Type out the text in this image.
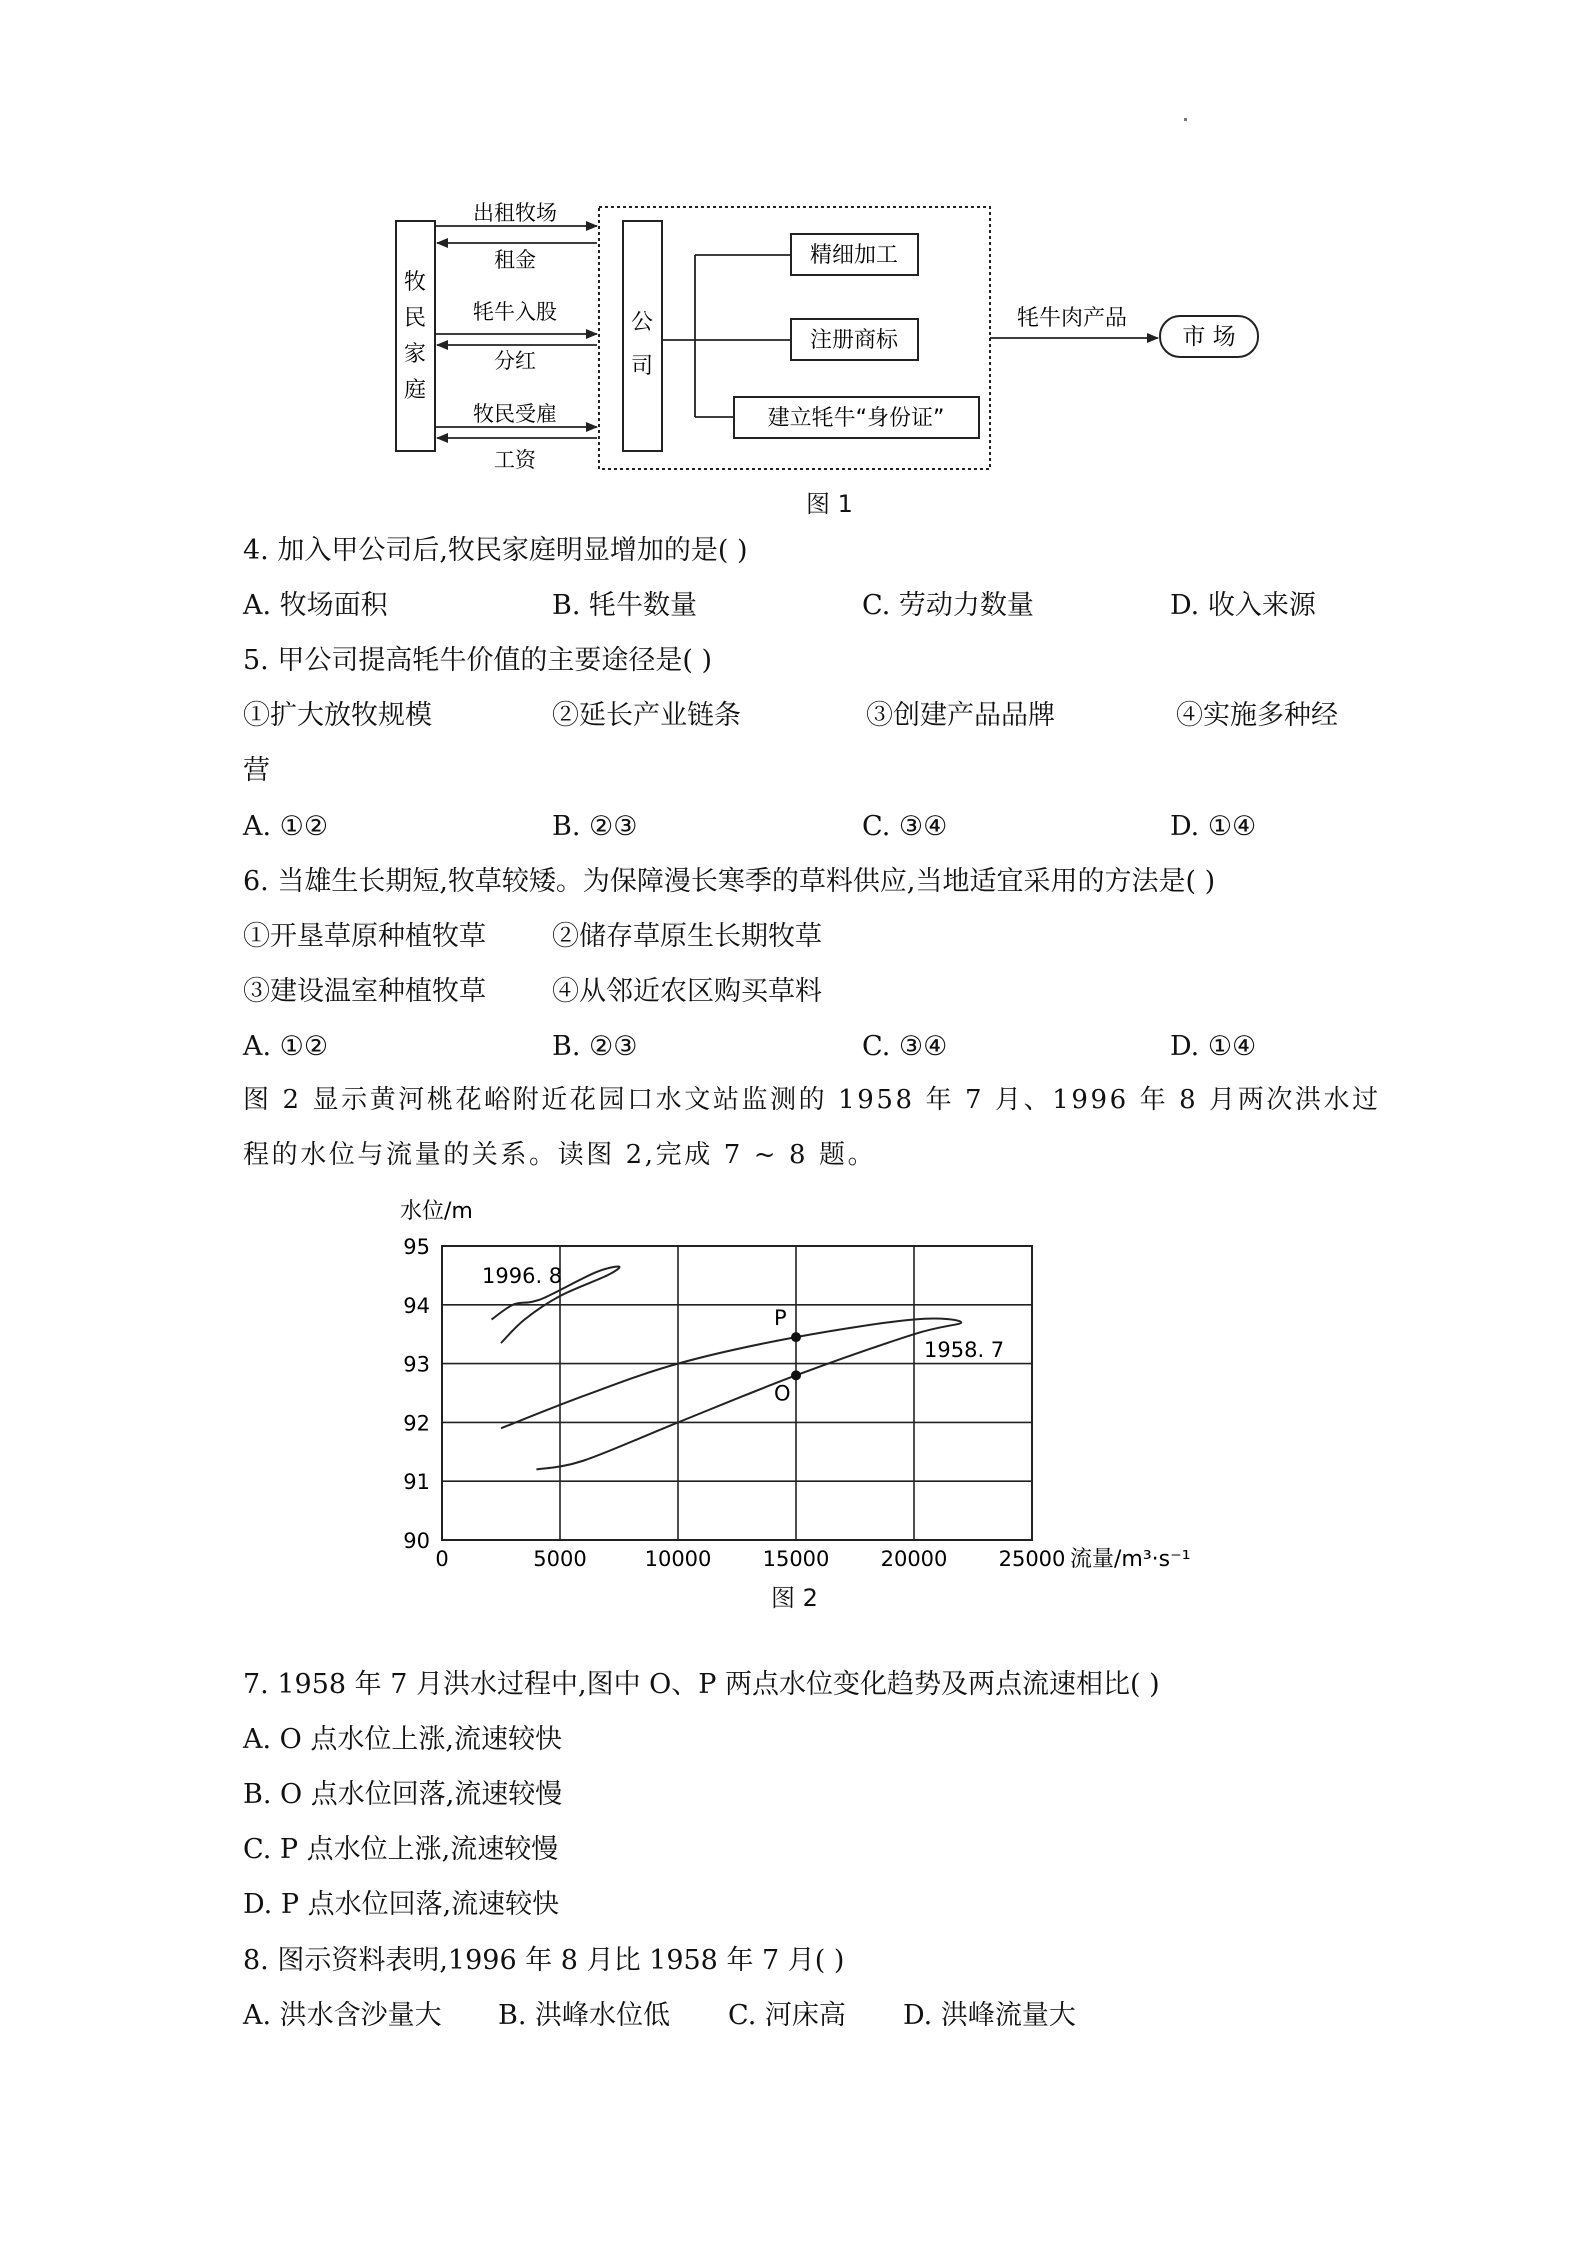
牧
民
家
庭
公
司
出租牧场
租金
牦牛入股
分红
牧民受雇
工资
精细加工
注册商标
建立牦牛“身份证”
牦牛肉产品
市 场
图 1
4. 加入甲公司后,牧民家庭明显增加的是( )
A. 牧场面积	B. 牦牛数量	C. 劳动力数量	D. 收入来源
5. 甲公司提高牦牛价值的主要途径是( )
①扩大放牧规模	②延长产业链条	③创建产品品牌	④实施多种经
营
A. ①②	B. ②③	C. ③④	D. ①④
6. 当雄生长期短,牧草较矮。为保障漫长寒季的草料供应,当地适宜采用的方法是( )
①开垦草原种植牧草 ②储存草原生长期牧草
③建设温室种植牧草 ④从邻近农区购买草料
A. ①②	B. ②③	C. ③④	D. ①④
图 2 显示黄河桃花峪附近花园口水文站监测的 1958 年 7 月、1996 年 8 月两次洪水过
程的水位与流量的关系。读图 2,完成 7 ~ 8 题。
水位/m
流量/m³·s⁻¹
0	5000	10000 15000 20000 25000
90
91
92
93
94
95
1958. 7
1996. 8
P
O
图 2
7. 1958 年 7 月洪水过程中,图中 O、P 两点水位变化趋势及两点流速相比( )
A. O 点水位上涨,流速较快
B. O 点水位回落,流速较慢
C. P 点水位上涨,流速较慢
D. P 点水位回落,流速较快
8. 图示资料表明,1996 年 8 月比 1958 年 7 月( )
A. 洪水含沙量大 B. 洪峰水位低 C. 河床高 D. 洪峰流量大
